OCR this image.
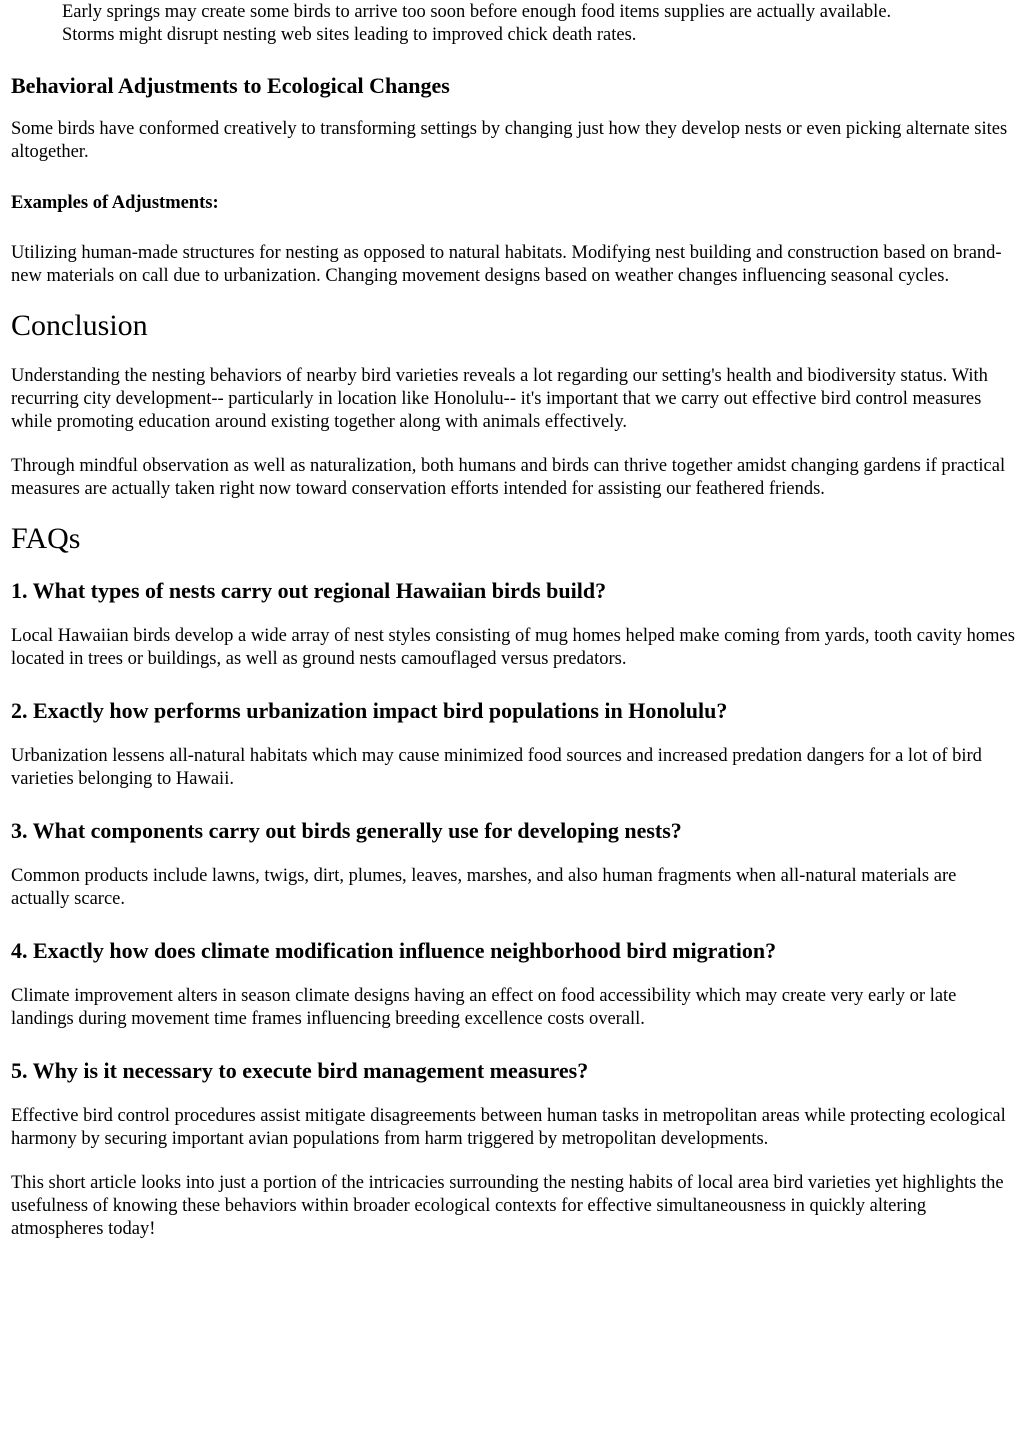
Early springs may create some birds to arrive too soon before enough food items supplies are actually available.

Storms might disrupt nesting web sites leading to improved chick death rates.

Behavioral Adjustments to Ecological Changes

Some birds have conformed creatively to transforming settings by changing just how they develop nests or even picking alternate sites altogether.

Examples of Adjustments:

Utilizing human-made structures for nesting as opposed to natural habitats. Modifying nest building and construction based on brand-new materials on call due to urbanization. Changing movement designs based on weather changes influencing seasonal cycles.

Conclusion

Understanding the nesting behaviors of nearby bird varieties reveals a lot regarding our setting's health and biodiversity status. With recurring city development-- particularly in location like Honolulu-- it's important that we carry out effective bird control measures while promoting education around existing together along with animals effectively.

Through mindful observation as well as naturalization, both humans and birds can thrive together amidst changing gardens if practical measures are actually taken right now toward conservation efforts intended for assisting our feathered friends.

FAQs
1. What types of nests carry out regional Hawaiian birds build?

Local Hawaiian birds develop a wide array of nest styles consisting of mug homes helped make coming from yards, tooth cavity homes located in trees or buildings, as well as ground nests camouflaged versus predators.

2. Exactly how performs urbanization impact bird populations in Honolulu?

Urbanization lessens all-natural habitats which may cause minimized food sources and increased predation dangers for a lot of bird varieties belonging to Hawaii.

3. What components carry out birds generally use for developing nests?

Common products include lawns, twigs, dirt, plumes, leaves, marshes, and also human fragments when all-natural materials are actually scarce.

4. Exactly how does climate modification influence neighborhood bird migration?

Climate improvement alters in season climate designs having an effect on food accessibility which may create very early or late landings during movement time frames influencing breeding excellence costs overall.

5. Why is it necessary to execute bird management measures?

Effective bird control procedures assist mitigate disagreements between human tasks in metropolitan areas while protecting ecological harmony by securing important avian populations from harm triggered by metropolitan developments.

This short article looks into just a portion of the intricacies surrounding the nesting habits of local area bird varieties yet highlights the usefulness of knowing these behaviors within broader ecological contexts for effective simultaneousness in quickly altering atmospheres today!
